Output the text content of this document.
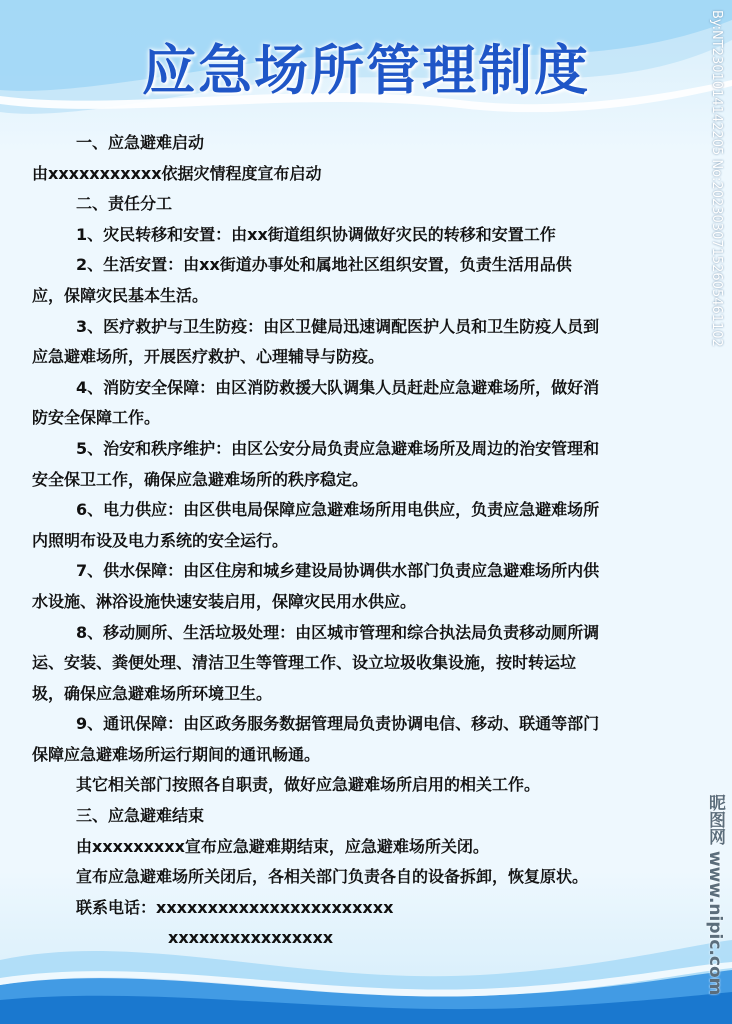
应急场所管理制度
一、应急避难启动
由xxxxxxxxxxx依据灾情程度宣布启动
二、责任分工
1、灾民转移和安置：由xx街道组织协调做好灾民的转移和安置工作
2、生活安置：由xx街道办事处和属地社区组织安置，负责生活用品供
应，保障灾民基本生活。
3、医疗救护与卫生防疫：由区卫健局迅速调配医护人员和卫生防疫人员到
应急避难场所，开展医疗救护、心理辅导与防疫。
4、消防安全保障：由区消防救援大队调集人员赶赴应急避难场所，做好消
防安全保障工作。
5、治安和秩序维护：由区公安分局负责应急避难场所及周边的治安管理和
安全保卫工作，确保应急避难场所的秩序稳定。
6、电力供应：由区供电局保障应急避难场所用电供应，负责应急避难场所
内照明布设及电力系统的安全运行。
7、供水保障：由区住房和城乡建设局协调供水部门负责应急避难场所内供
水设施、淋浴设施快速安装启用，保障灾民用水供应。
8、移动厕所、生活垃圾处理：由区城市管理和综合执法局负责移动厕所调
运、安装、粪便处理、清洁卫生等管理工作、设立垃圾收集设施，按时转运垃
圾，确保应急避难场所环境卫生。
9、通讯保障：由区政务服务数据管理局负责协调电信、移动、联通等部门
保障应急避难场所运行期间的通讯畅通。
其它相关部门按照各自职责，做好应急避难场所启用的相关工作。
三、应急避难结束
由xxxxxxxxx宣布应急避难期结束，应急避难场所关闭。
宣布应急避难场所关闭后，各相关部门负责各自的设备拆卸，恢复原状。
联系电话：xxxxxxxxxxxxxxxxxxxxxxx
xxxxxxxxxxxxxxxx
By:NT2301014142205 No:20230307152605461102
昵图网 www.nipic.com
